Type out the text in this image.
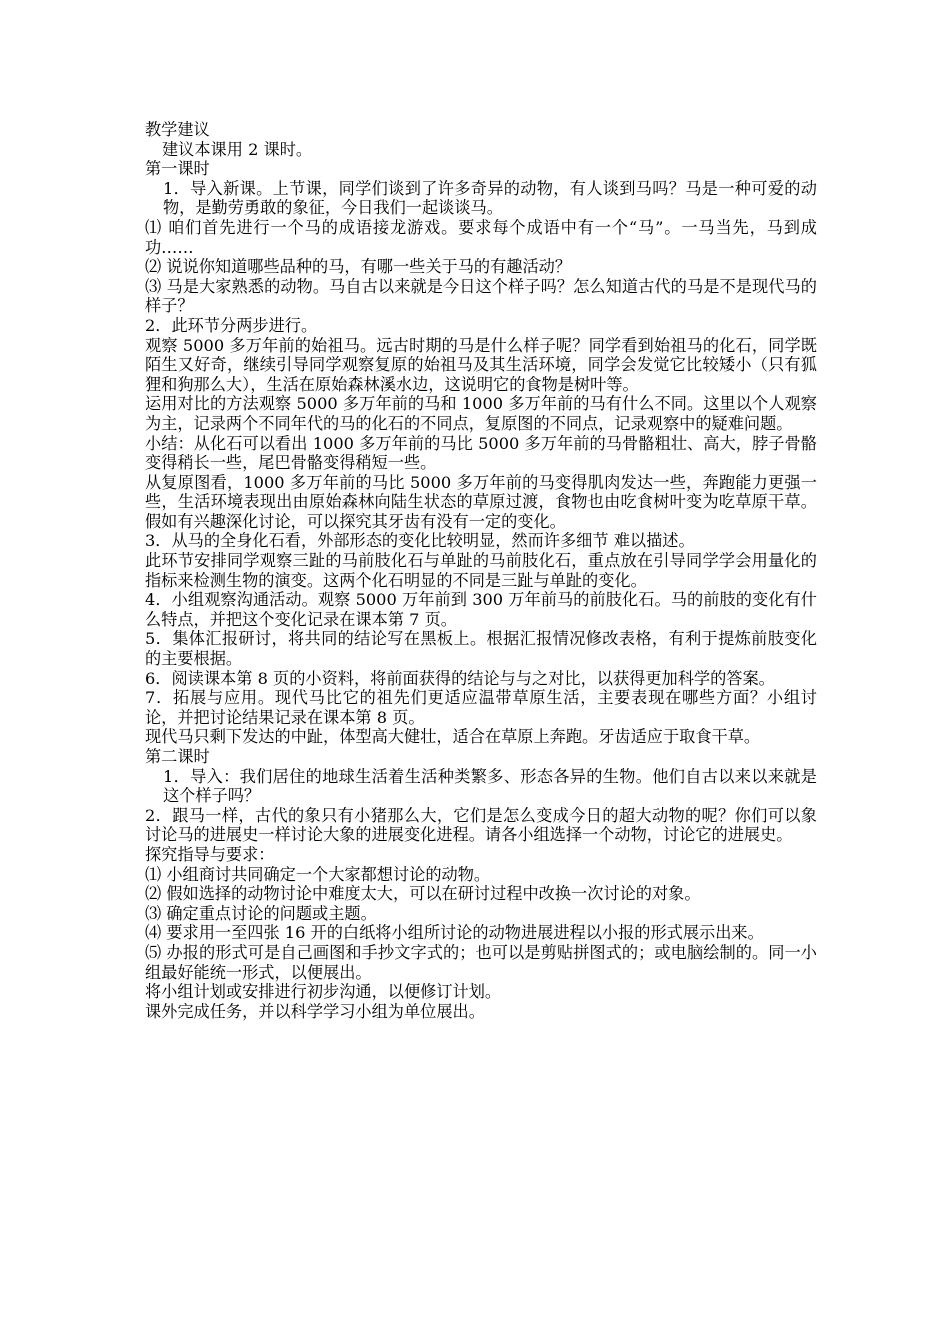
教学建议

建议本课用 2 课时。

第一课时

1．导入新课。上节课，同学们谈到了许多奇异的动物，有人谈到马吗？马是一种可爱的动物，是勤劳勇敢的象征，今日我们一起谈谈马。

⑴ 咱们首先进行一个马的成语接龙游戏。要求每个成语中有一个“马”。一马当先，马到成功……

⑵ 说说你知道哪些品种的马，有哪一些关于马的有趣活动？

⑶ 马是大家熟悉的动物。马自古以来就是今日这个样子吗？怎么知道古代的马是不是现代马的样子？

2．此环节分两步进行。

观察 5000 多万年前的始祖马。远古时期的马是什么样子呢？同学看到始祖马的化石，同学既陌生又好奇，继续引导同学观察复原的始祖马及其生活环境，同学会发觉它比较矮小（只有狐狸和狗那么大），生活在原始森林溪水边，这说明它的食物是树叶等。

运用对比的方法观察 5000 多万年前的马和 1000 多万年前的马有什么不同。这里以个人观察为主，记录两个不同年代的马的化石的不同点，复原图的不同点，记录观察中的疑难问题。

小结：从化石可以看出 1000 多万年前的马比 5000 多万年前的马骨骼粗壮、高大，脖子骨骼变得稍长一些，尾巴骨骼变得稍短一些。

从复原图看，1000 多万年前的马比 5000 多万年前的马变得肌肉发达一些，奔跑能力更强一些，生活环境表现出由原始森林向陆生状态的草原过渡，食物也由吃食树叶变为吃草原干草。假如有兴趣深化讨论，可以探究其牙齿有没有一定的变化。

3．从马的全身化石看，外部形态的变化比较明显，然而许多细节 难以描述。

此环节安排同学观察三趾的马前肢化石与单趾的马前肢化石，重点放在引导同学学会用量化的指标来检测生物的演变。这两个化石明显的不同是三趾与单趾的变化。

4．小组观察沟通活动。观察 5000 万年前到 300 万年前马的前肢化石。马的前肢的变化有什么特点，并把这个变化记录在课本第 7 页。

5．集体汇报研讨，将共同的结论写在黑板上。根据汇报情况修改表格，有利于提炼前肢变化的主要根据。

6．阅读课本第 8 页的小资料，将前面获得的结论与与之对比，以获得更加科学的答案。

7．拓展与应用。现代马比它的祖先们更适应温带草原生活，主要表现在哪些方面？小组讨论，并把讨论结果记录在课本第 8 页。

现代马只剩下发达的中趾，体型高大健壮，适合在草原上奔跑。牙齿适应于取食干草。

第二课时

1．导入：我们居住的地球生活着生活种类繁多、形态各异的生物。他们自古以来以来就是这个样子吗？

2．跟马一样，古代的象只有小猪那么大，它们是怎么变成今日的超大动物的呢？你们可以象讨论马的进展史一样讨论大象的进展变化进程。请各小组选择一个动物，讨论它的进展史。

探究指导与要求：

⑴ 小组商讨共同确定一个大家都想讨论的动物。

⑵ 假如选择的动物讨论中难度太大，可以在研讨过程中改换一次讨论的对象。

⑶ 确定重点讨论的问题或主题。

⑷ 要求用一至四张 16 开的白纸将小组所讨论的动物进展进程以小报的形式展示出来。

⑸ 办报的形式可是自己画图和手抄文字式的；也可以是剪贴拼图式的；或电脑绘制的。同一小组最好能统一形式，以便展出。

将小组计划或安排进行初步沟通，以便修订计划。

课外完成任务，并以科学学习小组为单位展出。
